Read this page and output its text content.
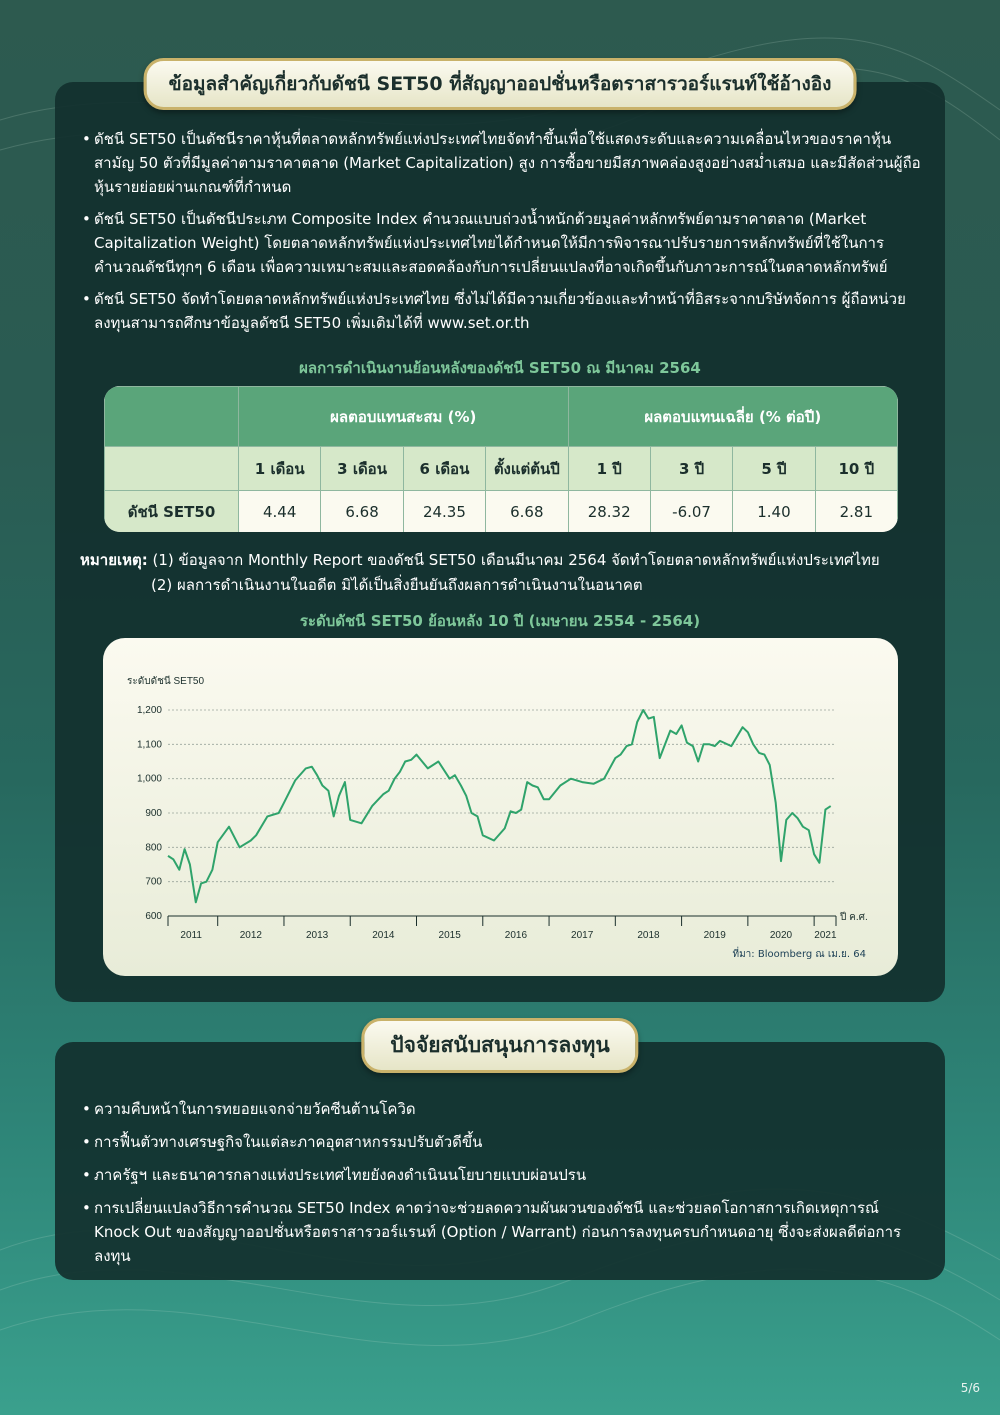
ข้อมูลสำคัญเกี่ยวกับดัชนี SET50 ที่สัญญาออปชั่นหรือตราสารวอร์แรนท์ใช้อ้างอิง
• ดัชนี SET50 เป็นดัชนีราคาหุ้นที่ตลาดหลักทรัพย์แห่งประเทศไทยจัดทำขึ้นเพื่อใช้แสดงระดับและความเคลื่อนไหวของราคาหุ้นสามัญ 50 ตัวที่มีมูลค่าตามราคาตลาด (Market Capitalization) สูง การซื้อขายมีสภาพคล่องสูงอย่างสม่ำเสมอ และมีสัดส่วนผู้ถือหุ้นรายย่อยผ่านเกณฑ์ที่กำหนด
• ดัชนี SET50 เป็นดัชนีประเภท Composite Index คำนวณแบบถ่วงน้ำหนักด้วยมูลค่าหลักทรัพย์ตามราคาตลาด (Market Capitalization Weight) โดยตลาดหลักทรัพย์แห่งประเทศไทยได้กำหนดให้มีการพิจารณาปรับรายการหลักทรัพย์ที่ใช้ในการคำนวณดัชนีทุกๆ 6 เดือน เพื่อความเหมาะสมและสอดคล้องกับการเปลี่ยนแปลงที่อาจเกิดขึ้นกับภาวะการณ์ในตลาดหลักทรัพย์
• ดัชนี SET50 จัดทำโดยตลาดหลักทรัพย์แห่งประเทศไทย ซึ่งไม่ได้มีความเกี่ยวข้องและทำหน้าที่อิสระจากบริษัทจัดการ ผู้ถือหน่วยลงทุนสามารถศึกษาข้อมูลดัชนี SET50 เพิ่มเติมได้ที่ www.set.or.th
ผลการดำเนินงานย้อนหลังของดัชนี SET50 ณ มีนาคม 2564
	ผลตอบแทนสะสม (%)				ผลตอบแทนเฉลี่ย (% ต่อปี)			
	1 เดือน	3 เดือน	6 เดือน	ตั้งแต่ต้นปี	1 ปี	3 ปี	5 ปี	10 ปี
ดัชนี SET50	4.44	6.68	24.35	6.68	28.32	-6.07	1.40	2.81
หมายเหตุ: (1) ข้อมูลจาก Monthly Report ของดัชนี SET50 เดือนมีนาคม 2564 จัดทำโดยตลาดหลักทรัพย์แห่งประเทศไทย
(2) ผลการดำเนินงานในอดีต มิได้เป็นสิ่งยืนยันถึงผลการดำเนินงานในอนาคต
ระดับดัชนี SET50 ย้อนหลัง 10 ปี (เมษายน 2554 - 2564)
ระดับดัชนี SET50
600
700
800
900
1,000
1,100
1,200
2011	2012	2013	2014	2015	2016	2017	2018	2019	2020 2021
ปี ค.ศ.
ที่มา: Bloomberg ณ เม.ย. 64
ปัจจัยสนับสนุนการลงทุน
• ความคืบหน้าในการทยอยแจกจ่ายวัคซีนต้านโควิด
• การฟื้นตัวทางเศรษฐกิจในแต่ละภาคอุตสาหกรรมปรับตัวดีขึ้น
• ภาครัฐฯ และธนาคารกลางแห่งประเทศไทยยังคงดำเนินนโยบายแบบผ่อนปรน
• การเปลี่ยนแปลงวิธีการคำนวณ SET50 Index คาดว่าจะช่วยลดความผันผวนของดัชนี และช่วยลดโอกาสการเกิดเหตุการณ์ Knock Out ของสัญญาออปชั่นหรือตราสารวอร์แรนท์ (Option / Warrant) ก่อนการลงทุนครบกำหนดอายุ ซึ่งจะส่งผลดีต่อการลงทุน
5/6
